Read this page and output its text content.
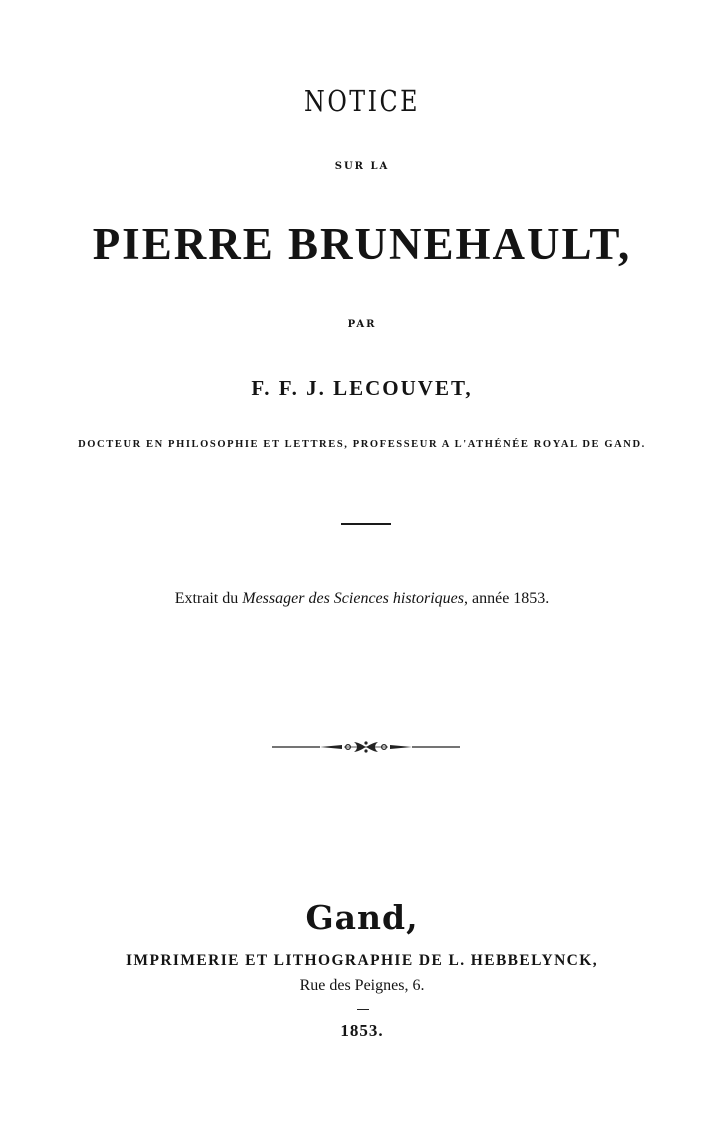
NOTICE
SUR LA
PIERRE BRUNEHAULT,
PAR
F. F. J. LECOUVET,
DOCTEUR EN PHILOSOPHIE ET LETTRES, PROFESSEUR A L'ATHÉNÉE ROYAL DE GAND.
Extrait du Messager des Sciences historiques, année 1853.
Gand,
IMPRIMERIE ET LITHOGRAPHIE DE L. HEBBELYNCK,
Rue des Peignes, 6.
1853.
